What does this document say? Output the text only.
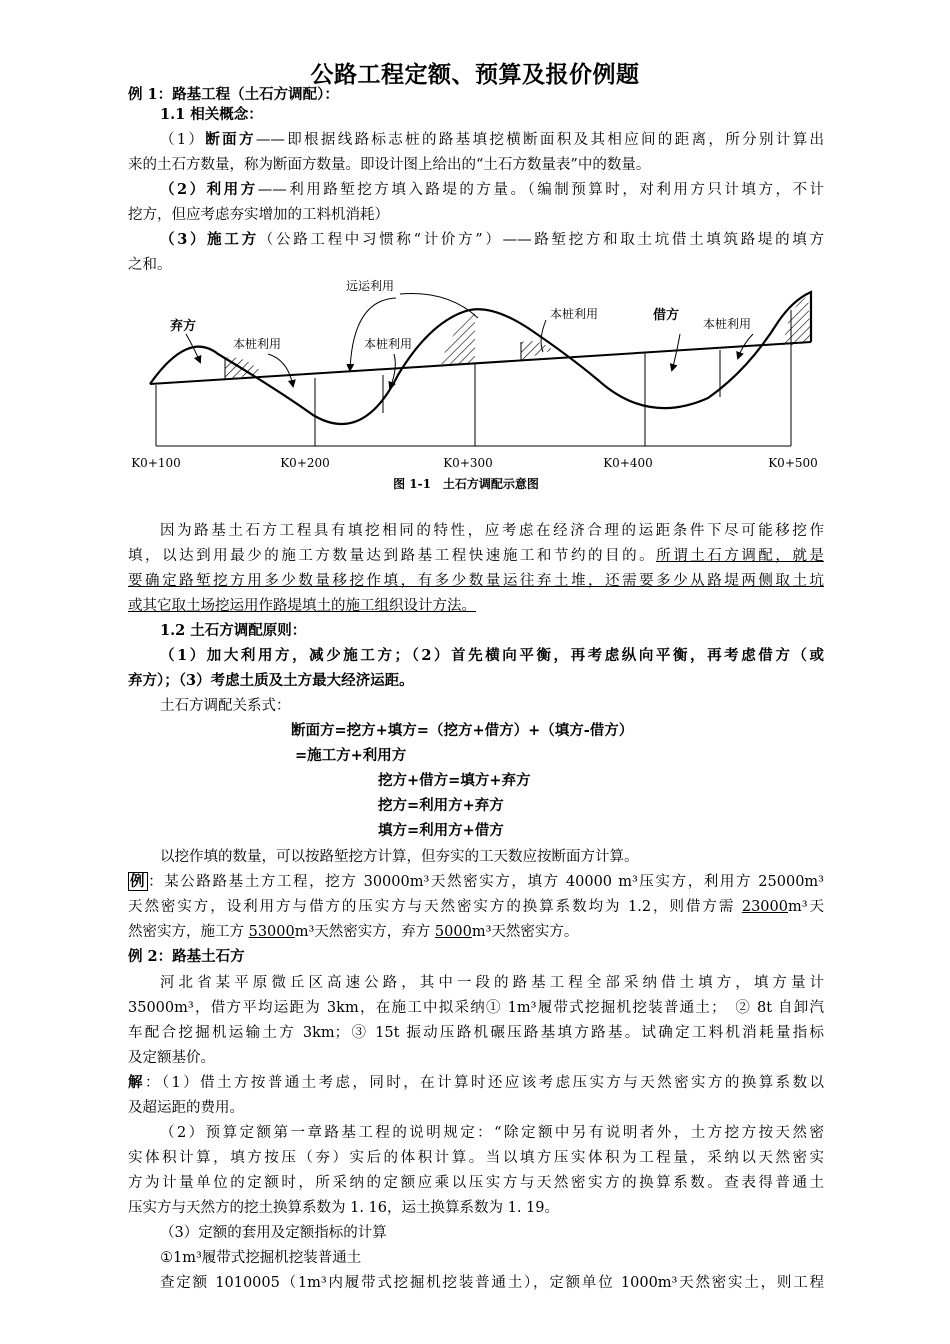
公路工程定额、预算及报价例题
例 1：路基工程（土石方调配）：
1.1 相关概念：
（1）断面方——即根据线路标志桩的路基填挖横断面积及其相应间的距离，所分别计算出
来的土石方数量，称为断面方数量。即设计图上给出的“土石方数量表”中的数量。
（2）利用方——利用路堑挖方填入路堤的方量。（编制预算时，对利用方只计填方，不计
挖方，但应考虑夯实增加的工料机消耗）
（3）施工方（公路工程中习惯称“计价方”）——路堑挖方和取土坑借土填筑路堤的填方
之和。
远运利用
弃方
本桩利用	本桩利用
本桩利用	借方
本桩利用
K0+100	K0+200	K0+300	K0+400	K0+500
图 1-1　土石方调配示意图
因为路基土石方工程具有填挖相同的特性，应考虑在经济合理的运距条件下尽可能移挖作
填，以达到用最少的施工方数量达到路基工程快速施工和节约的目的。所谓土石方调配，就是
要确定路堑挖方用多少数量移挖作填，有多少数量运往弃土堆，还需要多少从路堤两侧取土坑
或其它取土场挖运用作路堤填土的施工组织设计方法。
1.2 土石方调配原则：
（1）加大利用方，减少施工方；（2）首先横向平衡，再考虑纵向平衡，再考虑借方（或
弃方）；（3）考虑土质及土方最大经济运距。
土石方调配关系式：
断面方=挖方+填方=（挖方+借方）+（填方-借方）
=施工方+利用方
挖方+借方=填方+弃方
挖方=利用方+弃方
填方=利用方+借方
以挖作填的数量，可以按路堑挖方计算，但夯实的工天数应按断面方计算。
例 ：某公路路基土方工程，挖方 30000m³天然密实方，填方 40000 m³压实方，利用方 25000m³
天然密实方，设利用方与借方的压实方与天然密实方的换算系数均为 1.2，则借方需 23000m³天
然密实方，施工方 53000m³天然密实方，弃方 5000m³天然密实方。
例 2：路基土石方
河北省某平原微丘区高速公路，其中一段的路基工程全部采纳借土填方，填方量计
35000m³，借方平均运距为 3km，在施工中拟采纳① 1m³履带式挖掘机挖装普通土；　② 8t 自卸汽
车配合挖掘机运输土方 3km；③ 15t 振动压路机碾压路基填方路基。试确定工料机消耗量指标
及定额基价。
解：（1）借土方按普通土考虑，同时，在计算时还应该考虑压实方与天然密实方的换算系数以
及超运距的费用。
（2）预算定额第一章路基工程的说明规定：“除定额中另有说明者外，土方挖方按天然密
实体积计算，填方按压（夯）实后的体积计算。当以填方压实体积为工程量，采纳以天然密实
方为计量单位的定额时，所采纳的定额应乘以压实方与天然密实方的换算系数。查表得普通土
压实方与天然方的挖土换算系数为 1. 16，运土换算系数为 1. 19。
（3）定额的套用及定额指标的计算
①1m³履带式挖掘机挖装普通土
查定额 1010005（1m³内履带式挖掘机挖装普通土），定额单位 1000m³天然密实土，则工程
